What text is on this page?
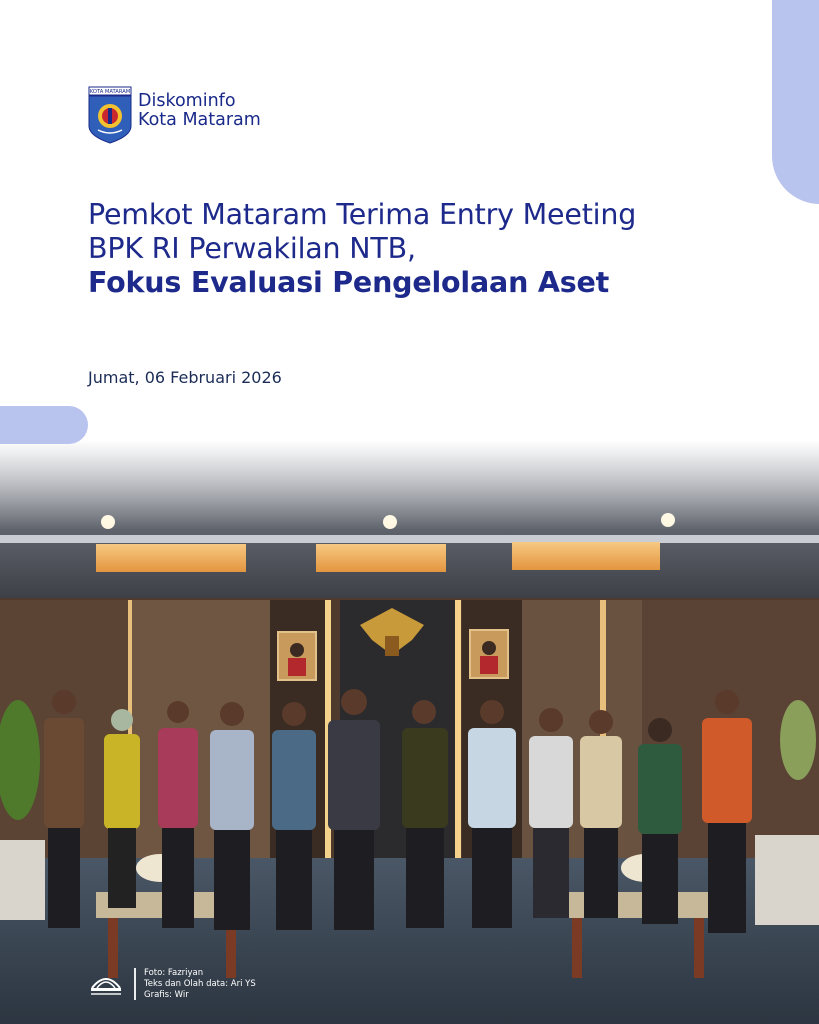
KOTA MATARAM Diskominfo
Kota Mataram
Pemkot Mataram Terima Entry Meeting
BPK RI Perwakilan NTB,
Fokus Evaluasi Pengelolaan Aset
Jumat, 06 Februari 2026
Foto: Fazriyan
Teks dan Olah data: Ari YS
Grafis: Wir
